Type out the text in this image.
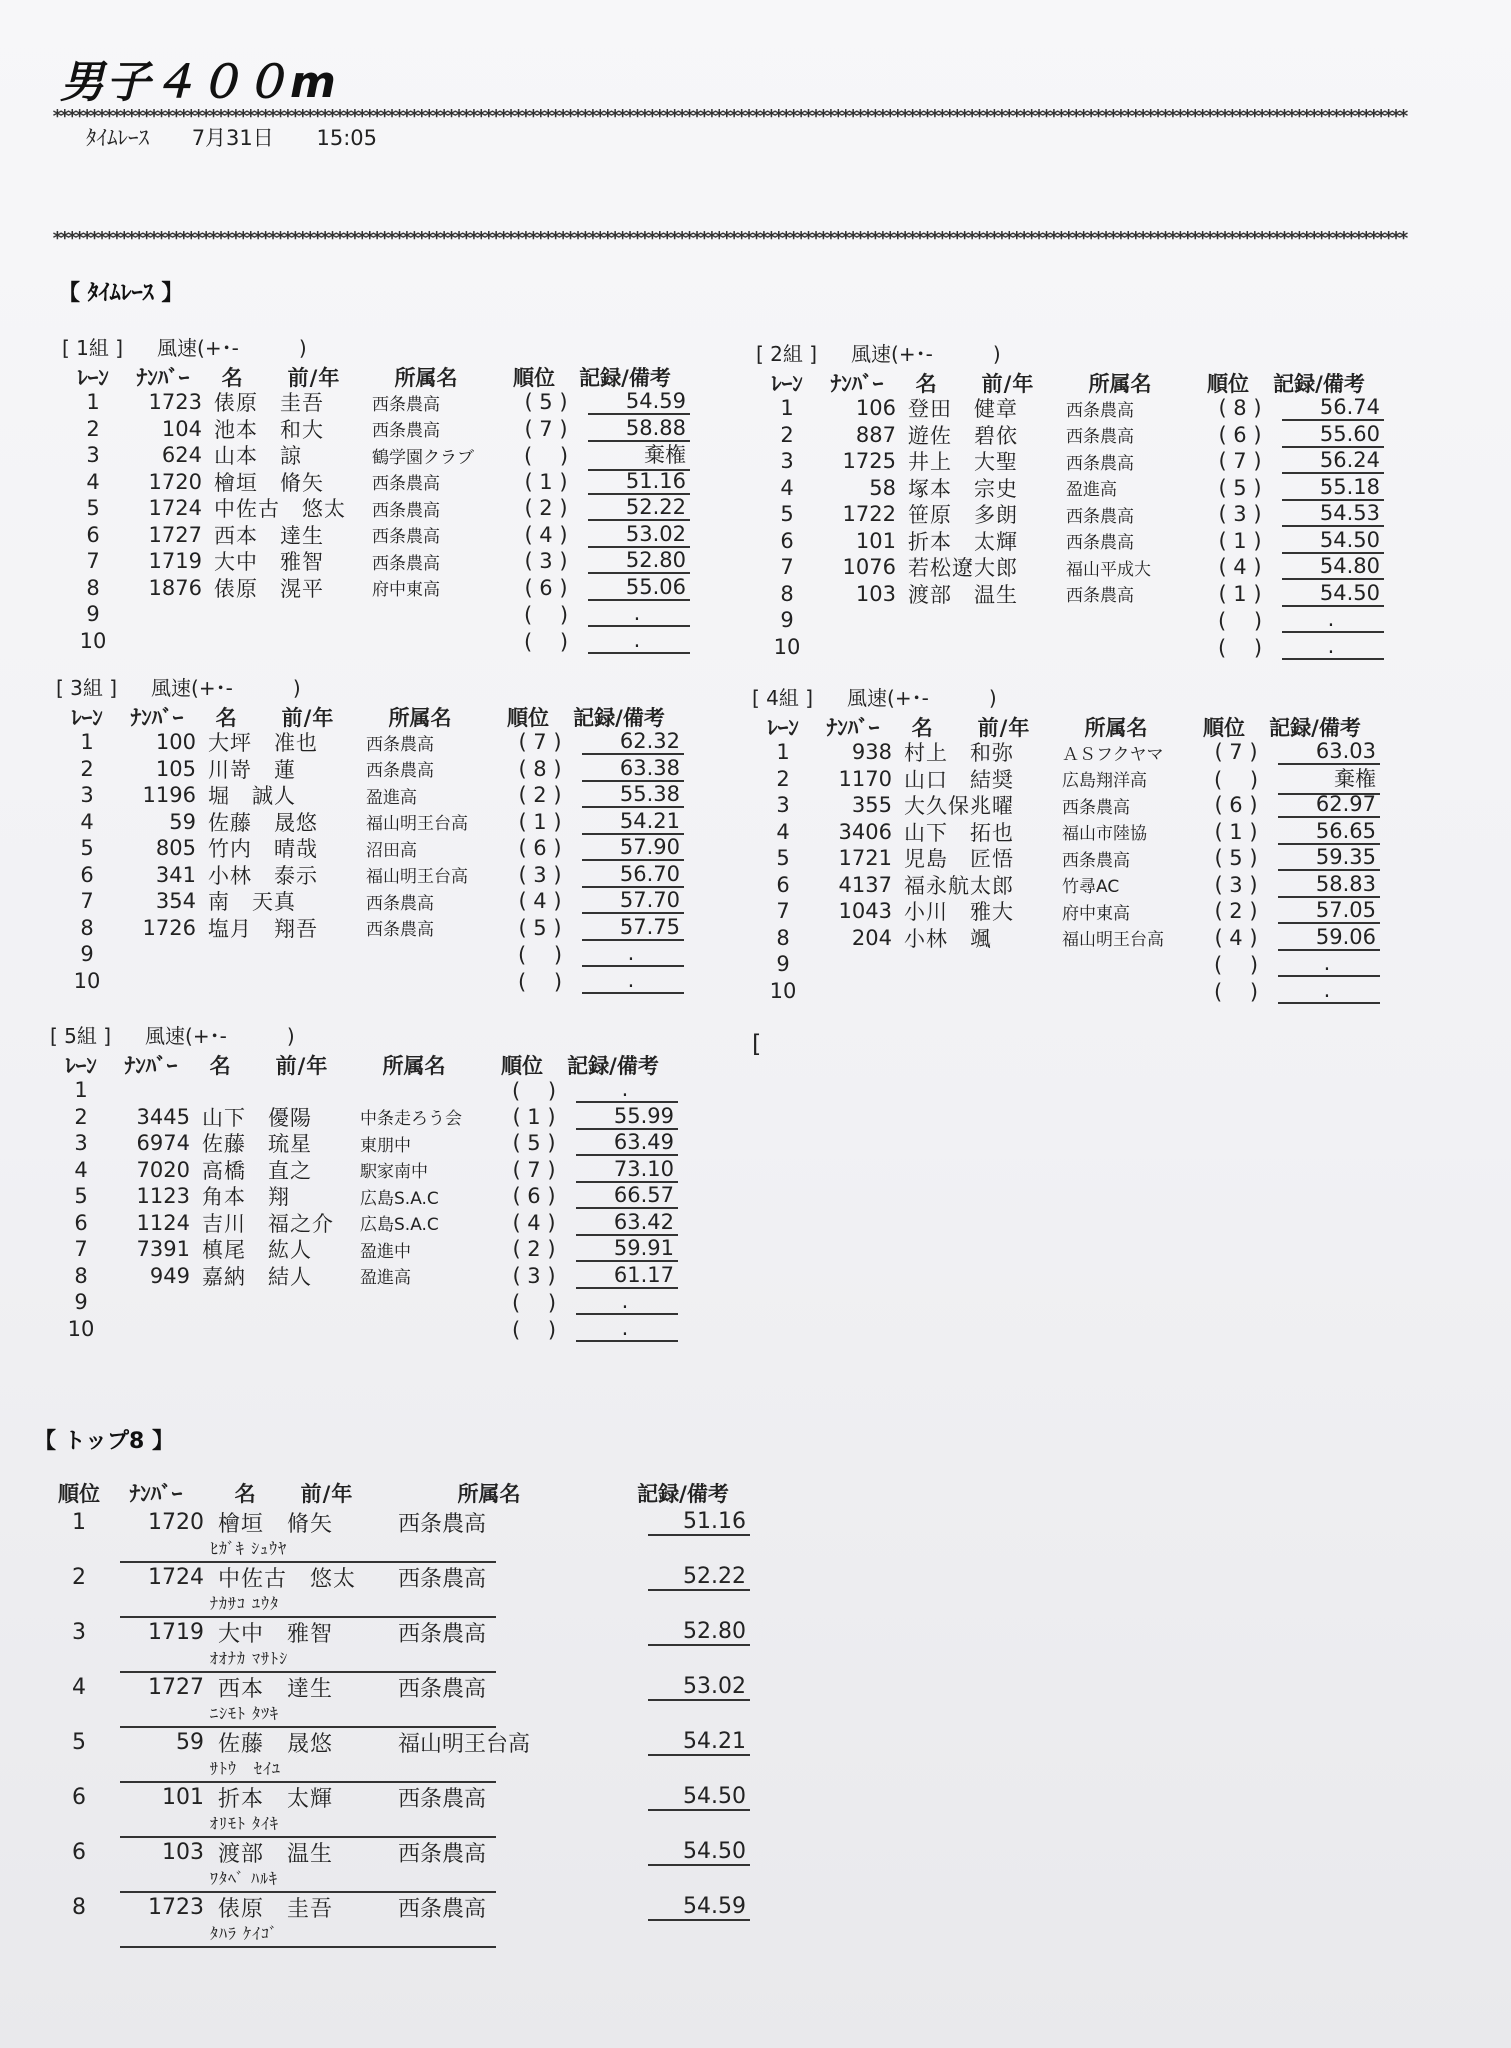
男子４００m
**************************************************************************************************************************************************************************************
ﾀｲﾑﾚｰｽ 7月31日 15:05
**************************************************************************************************************************************************************************************
【 ﾀｲﾑﾚｰｽ 】
[ 1組 ] 風速(+･-　　　)
ﾚｰﾝ	ﾅﾝﾊﾞｰ	名　　前/年	所属名	順位	記録/備考
1	1723 俵原　圭吾	西条農高	( 5 )	54.59
2	104 池本　和大	西条農高	( 7 )	58.88
3	624 山本　諒	鶴学園クラブ	(　 )	棄権
4	1720 檜垣　脩矢	西条農高	( 1 )	51.16
5	1724 中佐古　悠太	西条農高	( 2 )	52.22
6	1727 西本　達生	西条農高	( 4 )	53.02
7	1719 大中　雅智	西条農高	( 3 )	52.80
8	1876 俵原　滉平	府中東高	( 6 )	55.06
9	(　 )	.
10	(　 )	.
[ 2組 ] 風速(+･-　　　)
ﾚｰﾝ	ﾅﾝﾊﾞｰ	名　　前/年	所属名	順位	記録/備考
1	106 登田　健章	西条農高	( 8 )	56.74
2	887 遊佐　碧依	西条農高	( 6 )	55.60
3	1725 井上　大聖	西条農高	( 7 )	56.24
4	58 塚本　宗史	盈進高	( 5 )	55.18
5	1722 笹原　多朗	西条農高	( 3 )	54.53
6	101 折本　太輝	西条農高	( 1 )	54.50
7	1076 若松遼大郎	福山平成大	( 4 )	54.80
8	103 渡部　温生	西条農高	( 1 )	54.50
9	(　 )	.
10	(　 )	.
[ 3組 ] 風速(+･-　　　)
ﾚｰﾝ	ﾅﾝﾊﾞｰ	名　　前/年	所属名	順位	記録/備考
1	100 大坪　准也	西条農高	( 7 )	62.32
2	105 川嵜　蓮	西条農高	( 8 )	63.38
3	1196 堀　誠人	盈進高	( 2 )	55.38
4	59 佐藤　晟悠	福山明王台高	( 1 )	54.21
5	805 竹内　晴哉	沼田高	( 6 )	57.90
6	341 小林　泰示	福山明王台高	( 3 )	56.70
7	354 南　天真	西条農高	( 4 )	57.70
8	1726 塩月　翔吾	西条農高	( 5 )	57.75
9	(　 )	.
10	(　 )	.
[ 4組 ] 風速(+･-　　　)
ﾚｰﾝ	ﾅﾝﾊﾞｰ	名　　前/年	所属名	順位	記録/備考
1	938 村上　和弥	ＡＳフクヤマ	( 7 )	63.03
2	1170 山口　結奨	広島翔洋高	(　 )	棄権
3	355 大久保兆曜	西条農高	( 6 )	62.97
4	3406 山下　拓也	福山市陸協	( 1 )	56.65
5	1721 児島　匠悟	西条農高	( 5 )	59.35
6	4137 福永航太郎	竹尋AC	( 3 )	58.83
7	1043 小川　雅大	府中東高	( 2 )	57.05
8	204 小林　颯	福山明王台高	( 4 )	59.06
9	(　 )	.
10	(　 )	.
[ 5組 ] 風速(+･-　　　)
ﾚｰﾝ	ﾅﾝﾊﾞｰ	名　　前/年	所属名	順位	記録/備考
1	(　 )	.
2	3445 山下　優陽	中条走ろう会	( 1 )	55.99
3	6974 佐藤　琉星	東朋中	( 5 )	63.49
4	7020 高橋　直之	駅家南中	( 7 )	73.10
5	1123 角本　翔	広島S.A.C	( 6 )	66.57
6	1124 吉川　福之介	広島S.A.C	( 4 )	63.42
7	7391 槙尾　紘人	盈進中	( 2 )	59.91
8	949 嘉納　結人	盈進高	( 3 )	61.17
9	(　 )	.
10	(　 )	.
[
【 トップ8 】
順位	ﾅﾝﾊﾞｰ	名　　前/年	所属名	記録/備考
1	1720 檜垣　脩矢	西条農高	51.16
ﾋｶﾞｷ ｼｭｳﾔ
2	1724 中佐古　悠太	西条農高	52.22
ﾅｶｻｺ ﾕｳﾀ
3	1719 大中　雅智	西条農高	52.80
ｵｵﾅｶ ﾏｻﾄｼ
4	1727 西本　達生	西条農高	53.02
ﾆｼﾓﾄ ﾀﾂｷ
5	59 佐藤　晟悠	福山明王台高	54.21
ｻﾄｳ　ｾｲﾕ
6	101 折本　太輝	西条農高	54.50
ｵﾘﾓﾄ ﾀｲｷ
6	103 渡部　温生	西条農高	54.50
ﾜﾀﾍﾞ ﾊﾙｷ
8	1723 俵原　圭吾	西条農高	54.59
ﾀﾊﾗ ｹｲｺﾞ
